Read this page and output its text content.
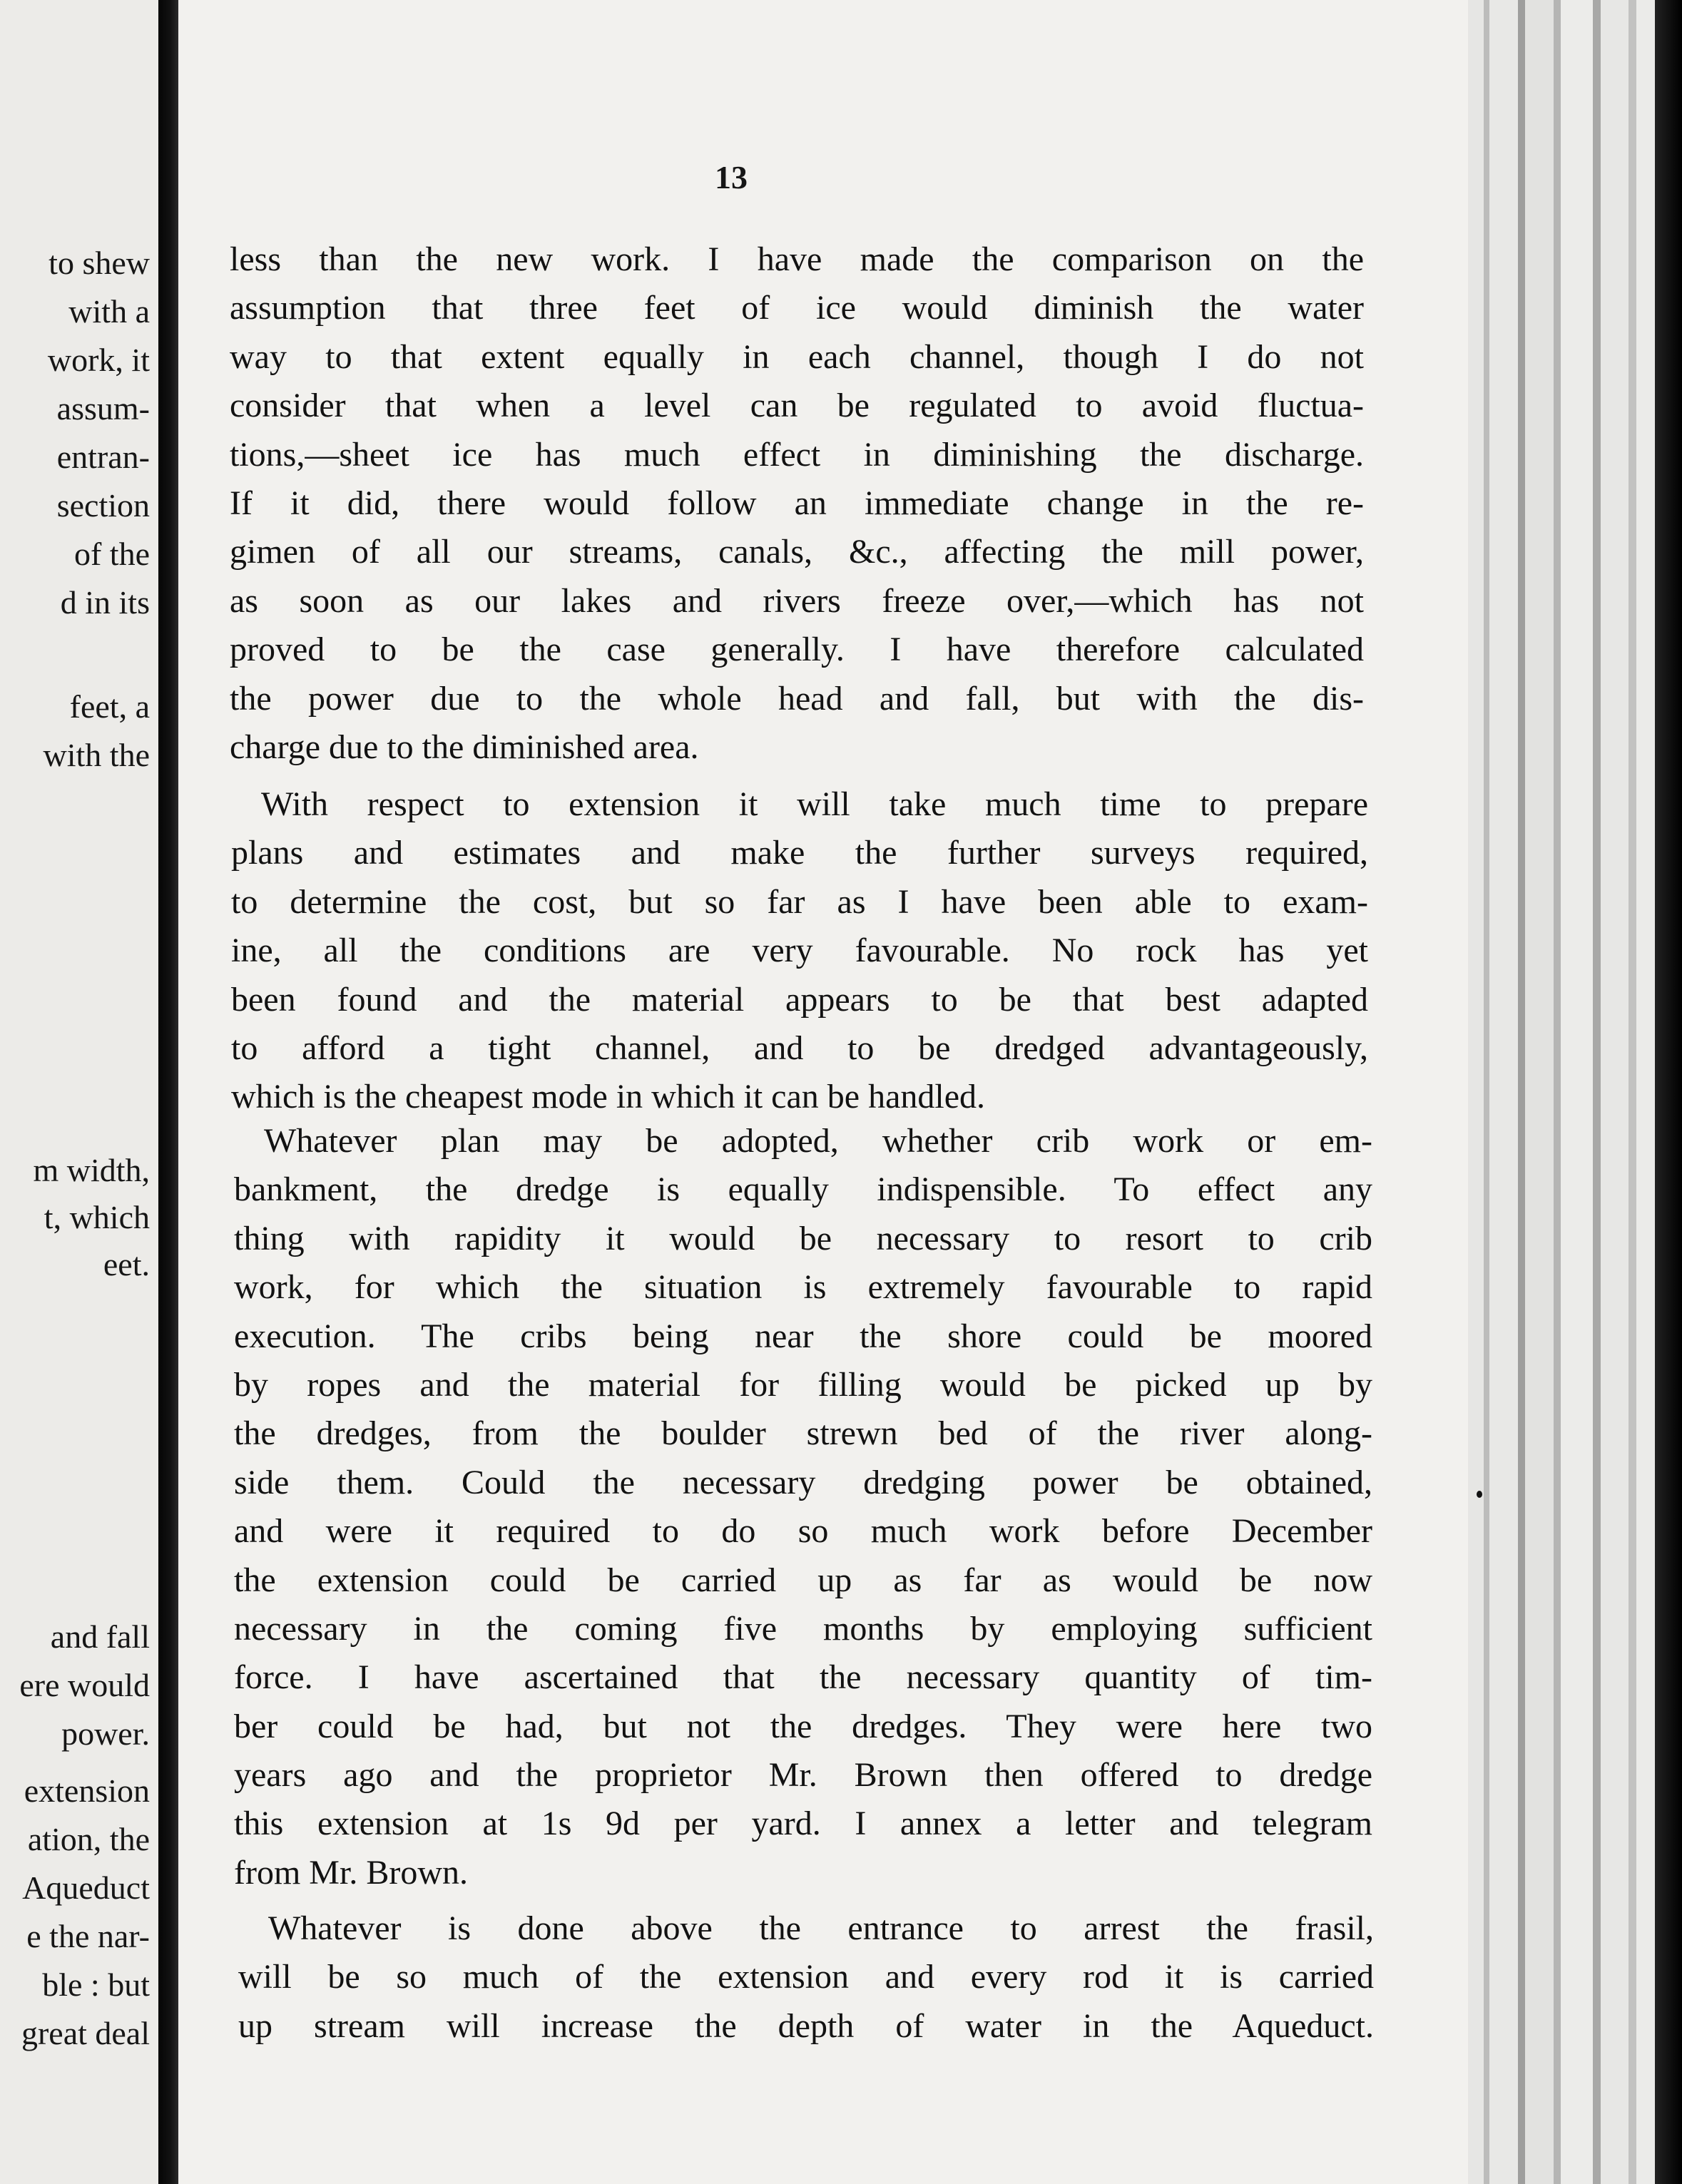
to shew
with a
work, it
assum-
entran-
section
of the
d in its
feet, a
with the
m width,
t, which
eet.
and fall
ere would
power.
extension
ation, the
Aqueduct
e the nar-
ble : but
great deal
13
less than the new work. I have made the comparison on the
assumption that three feet of ice would diminish the water
way to that extent equally in each channel, though I do not
consider that when a level can be regulated to avoid fluctua-
tions,—sheet ice has much effect in diminishing the discharge.
If it did, there would follow an immediate change in the re-
gimen of all our streams, canals, &c., affecting the mill power,
as soon as our lakes and rivers freeze over,—which has not
proved to be the case generally. I have therefore calculated
the power due to the whole head and fall, but with the dis-
charge due to the diminished area.
With respect to extension it will take much time to prepare
plans and estimates and make the further surveys required,
to determine the cost, but so far as I have been able to exam-
ine, all the conditions are very favourable. No rock has yet
been found and the material appears to be that best adapted
to afford a tight channel, and to be dredged advantageously,
which is the cheapest mode in which it can be handled.
Whatever plan may be adopted, whether crib work or em-
bankment, the dredge is equally indispensible. To effect any
thing with rapidity it would be necessary to resort to crib
work, for which the situation is extremely favourable to rapid
execution. The cribs being near the shore could be moored
by ropes and the material for filling would be picked up by
the dredges, from the boulder strewn bed of the river along-
side them. Could the necessary dredging power be obtained,
and were it required to do so much work before December
the extension could be carried up as far as would be now
necessary in the coming five months by employing sufficient
force. I have ascertained that the necessary quantity of tim-
ber could be had, but not the dredges. They were here two
years ago and the proprietor Mr. Brown then offered to dredge
this extension at 1s 9d per yard. I annex a letter and telegram
from Mr. Brown.
Whatever is done above the entrance to arrest the frasil,
will be so much of the extension and every rod it is carried
up stream will increase the depth of water in the Aqueduct.
